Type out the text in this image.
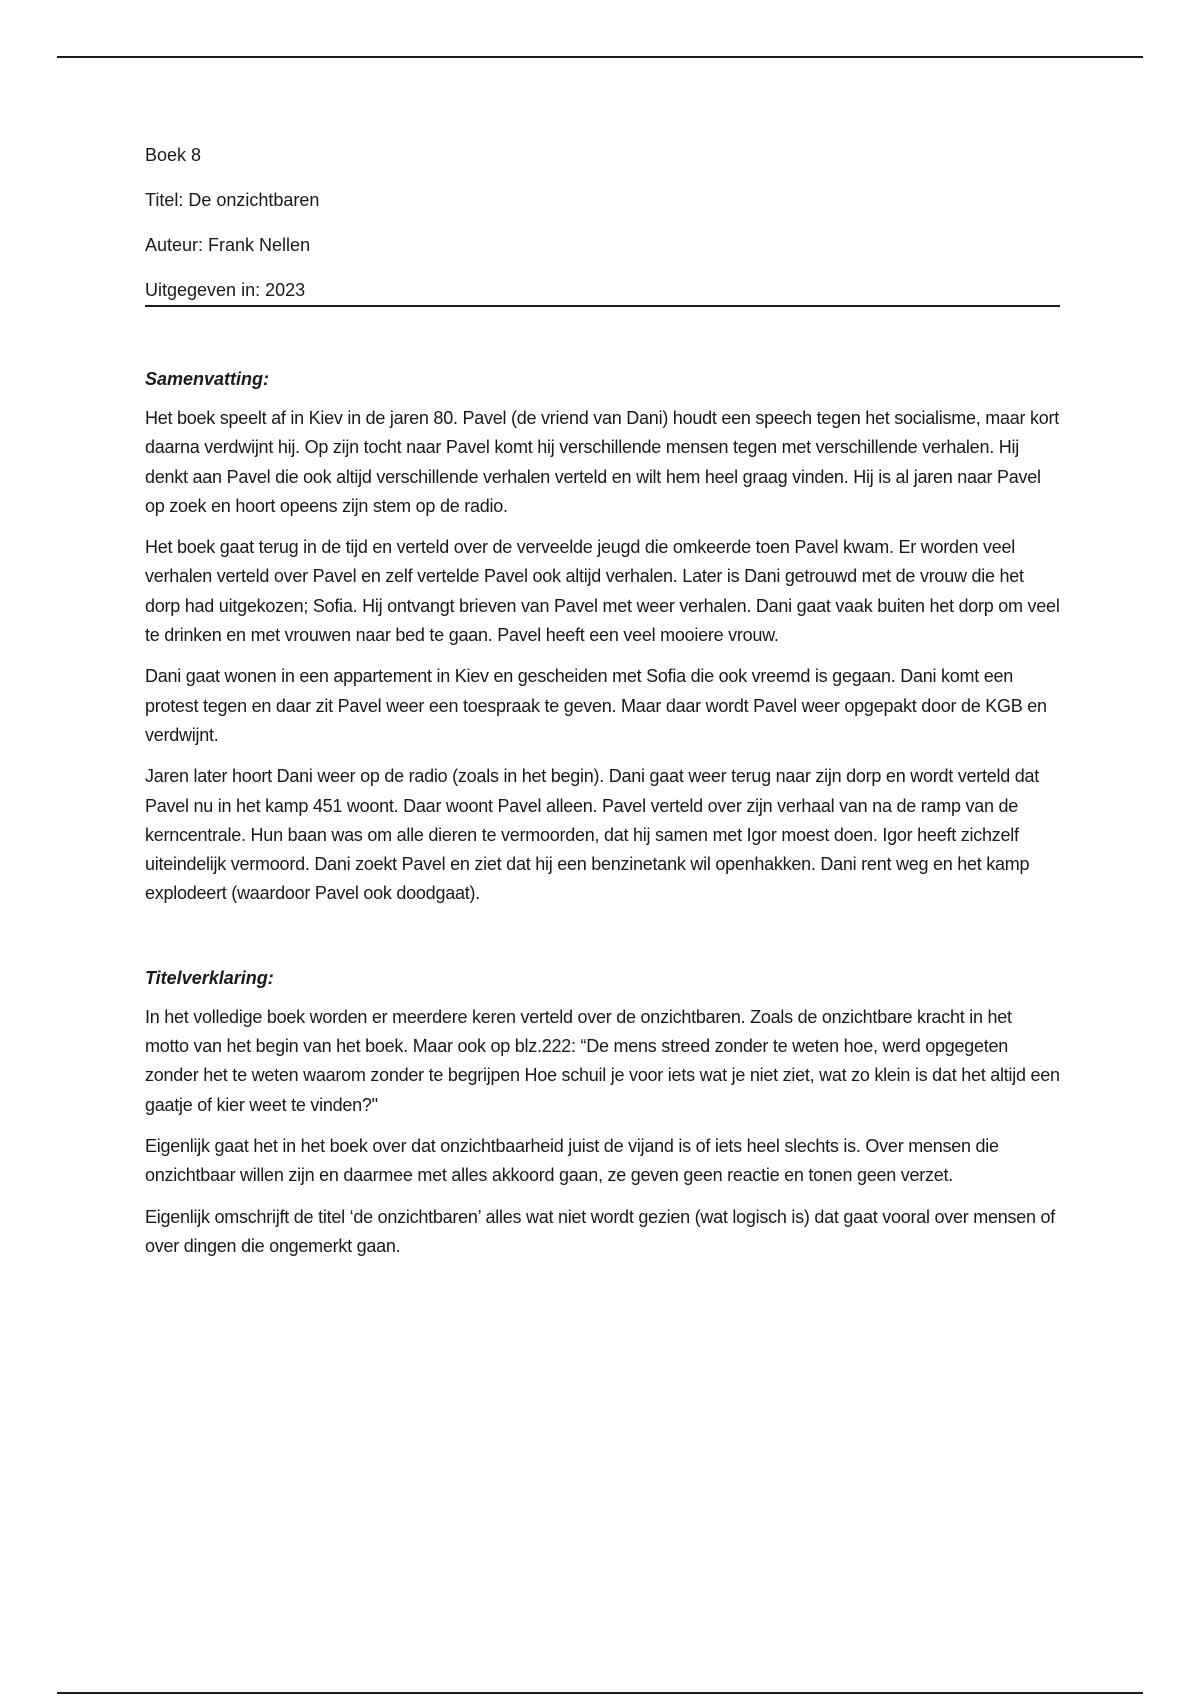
Boek 8

Titel: De onzichtbaren

Auteur: Frank Nellen

Uitgegeven in: 2023

Samenvatting:

Het boek speelt af in Kiev in de jaren 80. Pavel (de vriend van Dani) houdt een speech tegen het socialisme, maar kort daarna verdwijnt hij. Op zijn tocht naar Pavel komt hij verschillende mensen tegen met verschillende verhalen. Hij denkt aan Pavel die ook altijd verschillende verhalen verteld en wilt hem heel graag vinden. Hij is al jaren naar Pavel op zoek en hoort opeens zijn stem op de radio.

Het boek gaat terug in de tijd en verteld over de verveelde jeugd die omkeerde toen Pavel kwam. Er worden veel verhalen verteld over Pavel en zelf vertelde Pavel ook altijd verhalen. Later is Dani getrouwd met de vrouw die het dorp had uitgekozen; Sofia. Hij ontvangt brieven van Pavel met weer verhalen. Dani gaat vaak buiten het dorp om veel te drinken en met vrouwen naar bed te gaan. Pavel heeft een veel mooiere vrouw.

Dani gaat wonen in een appartement in Kiev en gescheiden met Sofia die ook vreemd is gegaan. Dani komt een protest tegen en daar zit Pavel weer een toespraak te geven. Maar daar wordt Pavel weer opgepakt door de KGB en verdwijnt.

Jaren later hoort Dani weer op de radio (zoals in het begin). Dani gaat weer terug naar zijn dorp en wordt verteld dat Pavel nu in het kamp 451 woont. Daar woont Pavel alleen. Pavel verteld over zijn verhaal van na de ramp van de kerncentrale. Hun baan was om alle dieren te vermoorden, dat hij samen met Igor moest doen. Igor heeft zichzelf uiteindelijk vermoord. Dani zoekt Pavel en ziet dat hij een benzinetank wil openhakken. Dani rent weg en het kamp explodeert (waardoor Pavel ook doodgaat).

Titelverklaring:

In het volledige boek worden er meerdere keren verteld over de onzichtbaren. Zoals de onzichtbare kracht in het motto van het begin van het boek. Maar ook op blz.222: “De mens streed zonder te weten hoe, werd opgegeten zonder het te weten waarom zonder te begrijpen Hoe schuil je voor iets wat je niet ziet, wat zo klein is dat het altijd een gaatje of kier weet te vinden?"

Eigenlijk gaat het in het boek over dat onzichtbaarheid juist de vijand is of iets heel slechts is. Over mensen die onzichtbaar willen zijn en daarmee met alles akkoord gaan, ze geven geen reactie en tonen geen verzet.

Eigenlijk omschrijft de titel ‘de onzichtbaren’ alles wat niet wordt gezien (wat logisch is) dat gaat vooral over mensen of over dingen die ongemerkt gaan.
